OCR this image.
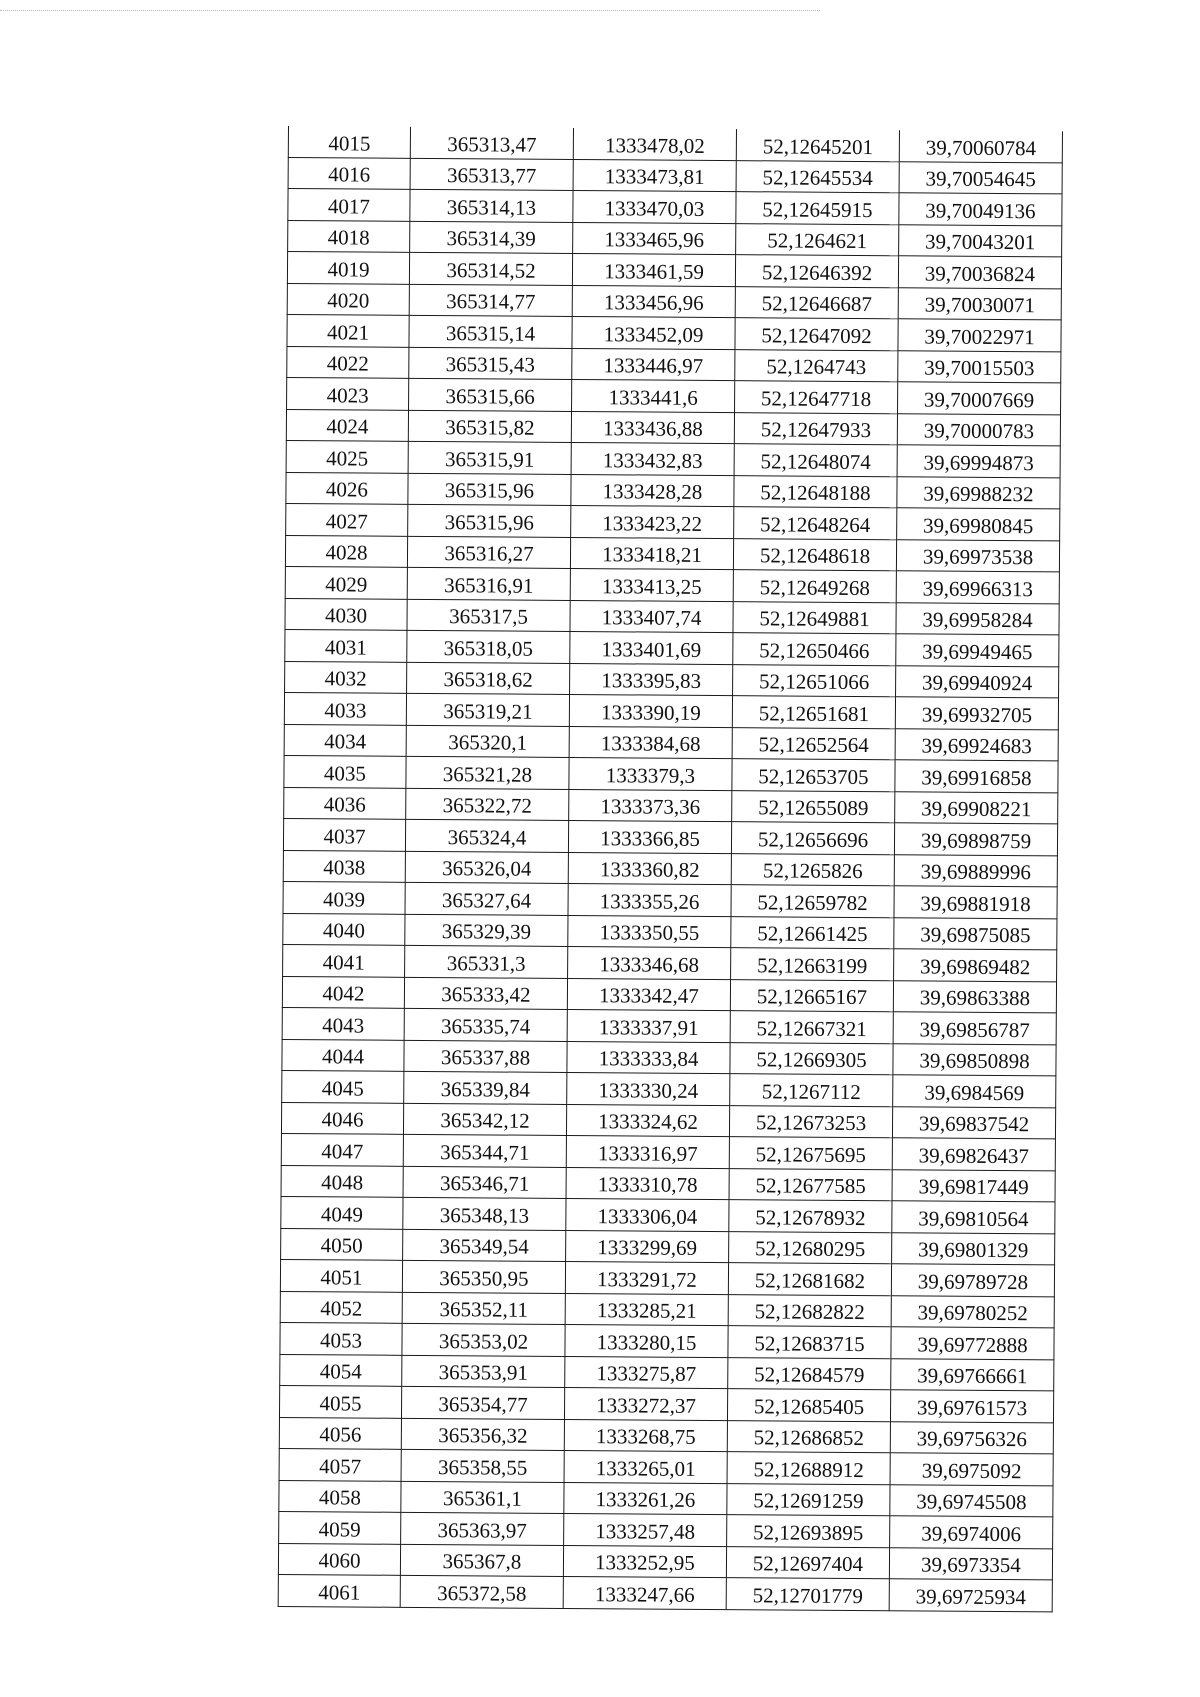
4015	365313,47	1333478,02	52,12645201	39,70060784
4016	365313,77	1333473,81	52,12645534	39,70054645
4017	365314,13	1333470,03	52,12645915	39,70049136
4018	365314,39	1333465,96	52,1264621	39,70043201
4019	365314,52	1333461,59	52,12646392	39,70036824
4020	365314,77	1333456,96	52,12646687	39,70030071
4021	365315,14	1333452,09	52,12647092	39,70022971
4022	365315,43	1333446,97	52,1264743	39,70015503
4023	365315,66	1333441,6	52,12647718	39,70007669
4024	365315,82	1333436,88	52,12647933	39,70000783
4025	365315,91	1333432,83	52,12648074	39,69994873
4026	365315,96	1333428,28	52,12648188	39,69988232
4027	365315,96	1333423,22	52,12648264	39,69980845
4028	365316,27	1333418,21	52,12648618	39,69973538
4029	365316,91	1333413,25	52,12649268	39,69966313
4030	365317,5	1333407,74	52,12649881	39,69958284
4031	365318,05	1333401,69	52,12650466	39,69949465
4032	365318,62	1333395,83	52,12651066	39,69940924
4033	365319,21	1333390,19	52,12651681	39,69932705
4034	365320,1	1333384,68	52,12652564	39,69924683
4035	365321,28	1333379,3	52,12653705	39,69916858
4036	365322,72	1333373,36	52,12655089	39,69908221
4037	365324,4	1333366,85	52,12656696	39,69898759
4038	365326,04	1333360,82	52,1265826	39,69889996
4039	365327,64	1333355,26	52,12659782	39,69881918
4040	365329,39	1333350,55	52,12661425	39,69875085
4041	365331,3	1333346,68	52,12663199	39,69869482
4042	365333,42	1333342,47	52,12665167	39,69863388
4043	365335,74	1333337,91	52,12667321	39,69856787
4044	365337,88	1333333,84	52,12669305	39,69850898
4045	365339,84	1333330,24	52,1267112	39,6984569
4046	365342,12	1333324,62	52,12673253	39,69837542
4047	365344,71	1333316,97	52,12675695	39,69826437
4048	365346,71	1333310,78	52,12677585	39,69817449
4049	365348,13	1333306,04	52,12678932	39,69810564
4050	365349,54	1333299,69	52,12680295	39,69801329
4051	365350,95	1333291,72	52,12681682	39,69789728
4052	365352,11	1333285,21	52,12682822	39,69780252
4053	365353,02	1333280,15	52,12683715	39,69772888
4054	365353,91	1333275,87	52,12684579	39,69766661
4055	365354,77	1333272,37	52,12685405	39,69761573
4056	365356,32	1333268,75	52,12686852	39,69756326
4057	365358,55	1333265,01	52,12688912	39,6975092
4058	365361,1	1333261,26	52,12691259	39,69745508
4059	365363,97	1333257,48	52,12693895	39,6974006
4060	365367,8	1333252,95	52,12697404	39,6973354
4061	365372,58	1333247,66	52,12701779	39,69725934
